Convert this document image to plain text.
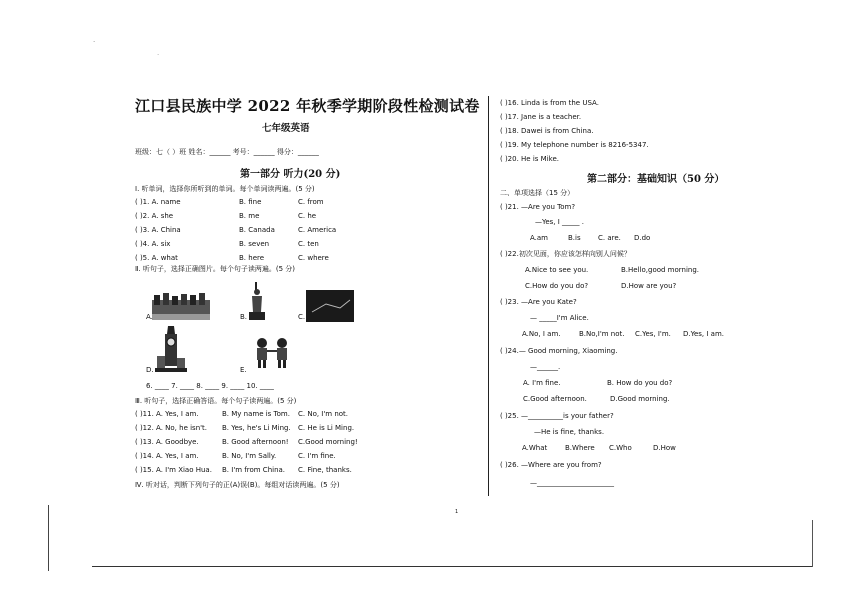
·
·
江口县民族中学 2022 年秋季学期阶段性检测试卷
七年级英语
班级：七（ ）班 姓名：______ 考号：______ 得分：______
第一部分 听力(20 分)
Ⅰ. 听单词，选择你所听到的单词。每个单词读两遍。(5 分)
( )1. A. name	B. fine	C. from
( )2. A. she	B. me	C. he
( )3. A. China	B. Canada	C. America
( )4. A. six	B. seven	C. ten
( )5. A. what	B. here	C. where
Ⅱ. 听句子，选择正确图片。每个句子读两遍。(5 分)
A.	B.	C.
D.	E.
6. ____ 7. ____ 8. ____ 9. ____ 10. ____
Ⅲ. 听句子，选择正确答语。每个句子读两遍。(5 分)
( )11. A. Yes, I am.	B. My name is Tom. C. No, I'm not.
( )12. A. No, he isn't. B. Yes, he's Li Ming. C. He is Li Ming.
( )13. A. Goodbye.	B. Good afternoon! C.Good morning!
( )14. A. Yes, I am.	B. No, I'm Sally.	C. I'm fine.
( )15. A. I'm Xiao Hua. B. I'm from China. C. Fine, thanks.
Ⅳ. 听对话，判断下列句子的正(A)误(B)。每组对话读两遍。(5 分)
( )16. Linda is from the USA.
( )17. Jane is a teacher.
( )18. Dawei is from China.
( )19. My telephone number is 8216-5347.
( )20. He is Mike.
第二部分：基础知识（50 分）
二、单项选择（15 分）
( )21. —Are you Tom?
—Yes, I _____ .
A.am	B.is C. are. D.do
( )22.初次见面，你应该怎样向别人问候？
A.Nice to see you.	B.Hello,good morning.
C.How do you do?	D.How are you?
( )23. —Are you Kate?
— _____I'm Alice.
A.No, I am.	B.No,I'm not. C.Yes, I'm. D.Yes, I am.
( )24.— Good morning, Xiaoming.
—______.
A. I'm fine.	B. How do you do?
C.Good afternoon.	D.Good morning.
( )25. —__________is your father?
—He is fine, thanks.
A.What	B.Where C.Who	D.How
( )26. —Where are you from?
—______________________
1
